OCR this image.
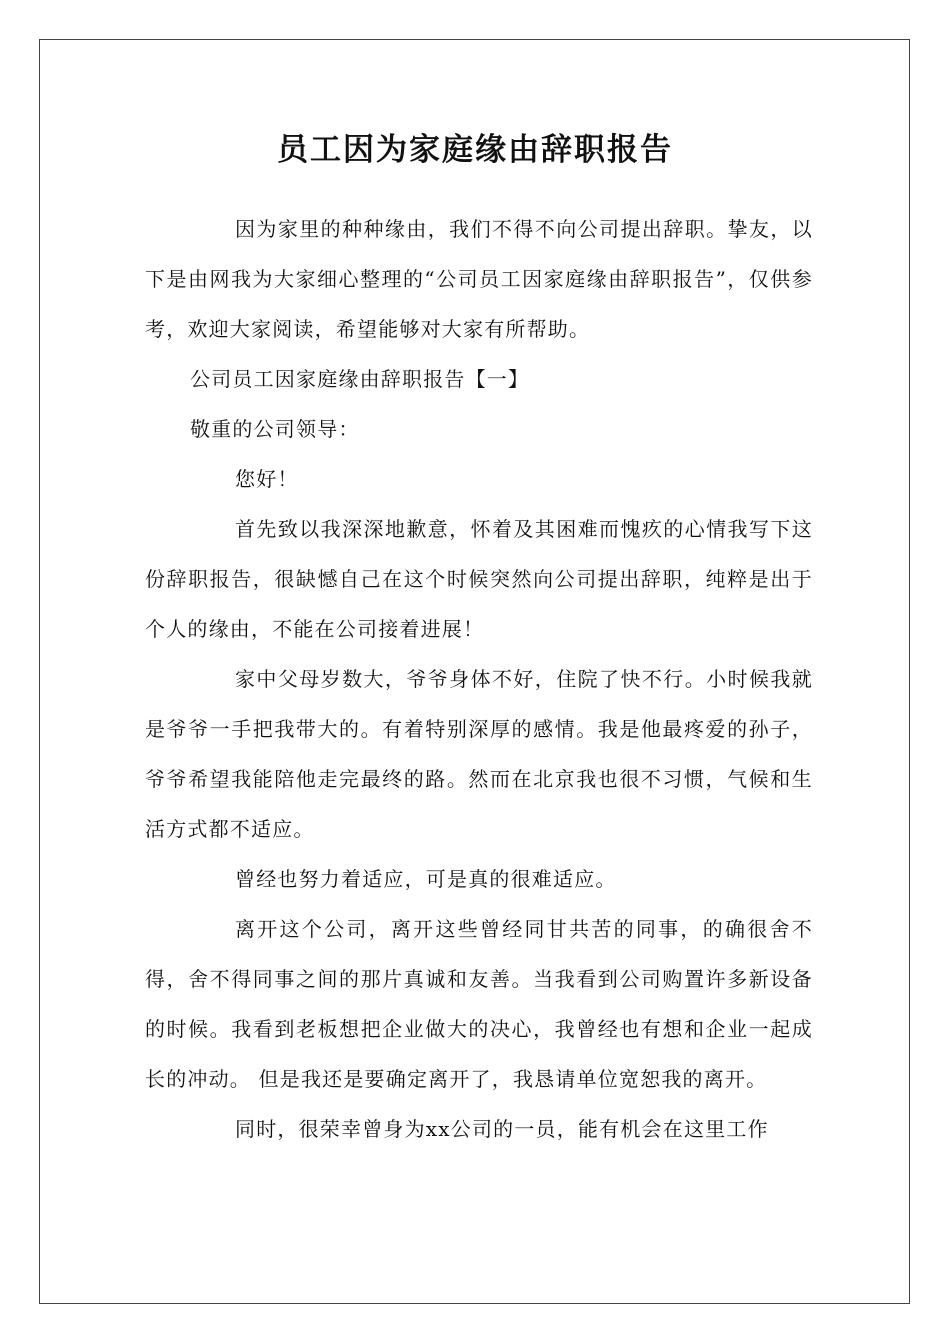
员工因为家庭缘由辞职报告

因为家里的种种缘由，我们不得不向公司提出辞职。挚友，以下是由网我为大家细心整理的“公司员工因家庭缘由辞职报告”，仅供参考，欢迎大家阅读，希望能够对大家有所帮助。

公司员工因家庭缘由辞职报告【一】

敬重的公司领导：

您好！

首先致以我深深地歉意，怀着及其困难而愧疚的心情我写下这份辞职报告，很缺憾自己在这个时候突然向公司提出辞职，纯粹是出于个人的缘由，不能在公司接着进展！

家中父母岁数大，爷爷身体不好，住院了快不行。小时候我就是爷爷一手把我带大的。有着特别深厚的感情。我是他最疼爱的孙子，爷爷希望我能陪他走完最终的路。然而在北京我也很不习惯，气候和生活方式都不适应。

曾经也努力着适应，可是真的很难适应。

离开这个公司，离开这些曾经同甘共苦的同事，的确很舍不得，舍不得同事之间的那片真诚和友善。当我看到公司购置许多新设备的时候。我看到老板想把企业做大的决心，我曾经也有想和企业一起成长的冲动。 但是我还是要确定离开了，我恳请单位宽恕我的离开。

同时，很荣幸曾身为xx公司的一员，能有机会在这里工作
